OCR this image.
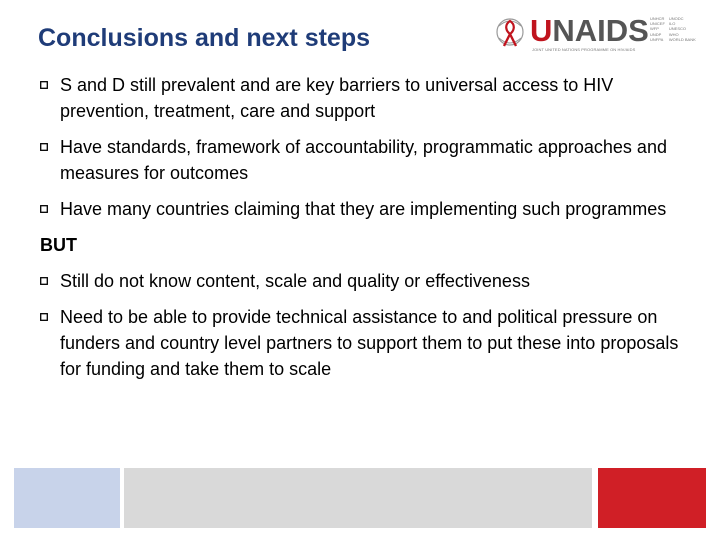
Conclusions and next steps	UNAIDS
JOINT UNITED NATIONS PROGRAMME ON HIV/AIDS
UNHCR
UNICEF
WFP
UNDP
UNFPA
UNODC
ILO
UNESCO
WHO
WORLD BANK
S and D still prevalent and are key barriers to universal access to HIV prevention, treatment, care and support
Have standards, framework of accountability, programmatic approaches and measures for outcomes
Have many countries claiming that they are implementing such programmes
BUT
Still do not know content, scale and quality or effectiveness
Need to be able to provide technical assistance to and political pressure on funders and country level partners to support them to put these into proposals for funding and take them to scale
